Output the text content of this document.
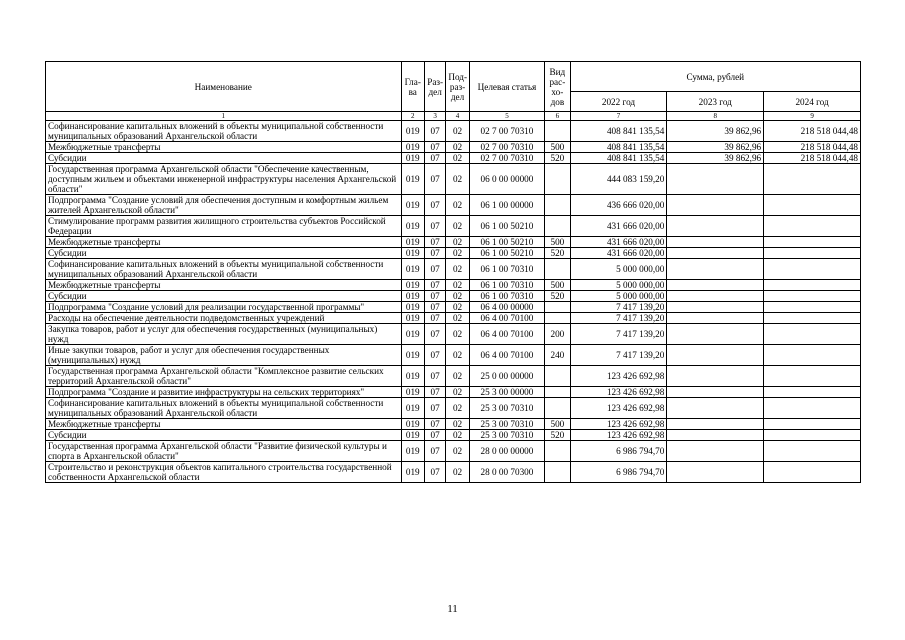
Наименование	Гла-ва	Раз-дел	Под-раз-дел	Целевая статья	Вид рас-хо-дов	Сумма, рублей		
						2022 год	2023 год	2024 год
1	2	3	4	5	6	7	8	9
Софинансирование капитальных вложений в объекты муниципальной собственности муниципальных образований Архангельской области	019	07	02	02 7 00 70310		408 841 135,54	39 862,96	218 518 044,48
Межбюджетные трансферты	019	07	02	02 7 00 70310	500	408 841 135,54	39 862,96	218 518 044,48
Субсидии	019	07	02	02 7 00 70310	520	408 841 135,54	39 862,96	218 518 044,48
Государственная программа Архангельской области "Обеспечение качественным, доступным жильем и объектами инженерной инфраструктуры населения Архангельской области"	019	07	02	06 0 00 00000		444 083 159,20		
Подпрограмма "Создание условий для обеспечения доступным и комфортным жильем жителей Архангельской области"	019	07	02	06 1 00 00000		436 666 020,00		
Стимулирование программ развития жилищного строительства субъектов Российской Федерации	019	07	02	06 1 00 50210		431 666 020,00		
Межбюджетные трансферты	019	07	02	06 1 00 50210	500	431 666 020,00		
Субсидии	019	07	02	06 1 00 50210	520	431 666 020,00		
Софинансирование капитальных вложений в объекты муниципальной собственности муниципальных образований Архангельской области	019	07	02	06 1 00 70310		5 000 000,00		
Межбюджетные трансферты	019	07	02	06 1 00 70310	500	5 000 000,00		
Субсидии	019	07	02	06 1 00 70310	520	5 000 000,00		
Подпрограмма "Создание условий для реализации государственной программы"	019	07	02	06 4 00 00000		7 417 139,20		
Расходы на обеспечение деятельности подведомственных учреждений	019	07	02	06 4 00 70100		7 417 139,20		
Закупка товаров, работ и услуг для обеспечения государственных (муниципальных) нужд	019	07	02	06 4 00 70100	200	7 417 139,20		
Иные закупки товаров, работ и услуг для обеспечения государственных (муниципальных) нужд	019	07	02	06 4 00 70100	240	7 417 139,20		
Государственная программа Архангельской области "Комплексное развитие сельских территорий Архангельской области"	019	07	02	25 0 00 00000		123 426 692,98		
Подпрограмма "Создание и развитие инфраструктуры на сельских территориях"	019	07	02	25 3 00 00000		123 426 692,98		
Софинансирование капитальных вложений в объекты муниципальной собственности муниципальных образований Архангельской области	019	07	02	25 3 00 70310		123 426 692,98		
Межбюджетные трансферты	019	07	02	25 3 00 70310	500	123 426 692,98		
Субсидии	019	07	02	25 3 00 70310	520	123 426 692,98		
Государственная программа Архангельской области "Развитие физической культуры и спорта в Архангельской области"	019	07	02	28 0 00 00000		6 986 794,70		
Строительство и реконструкция объектов капитального строительства государственной собственности Архангельской области	019	07	02	28 0 00 70300		6 986 794,70		
11
